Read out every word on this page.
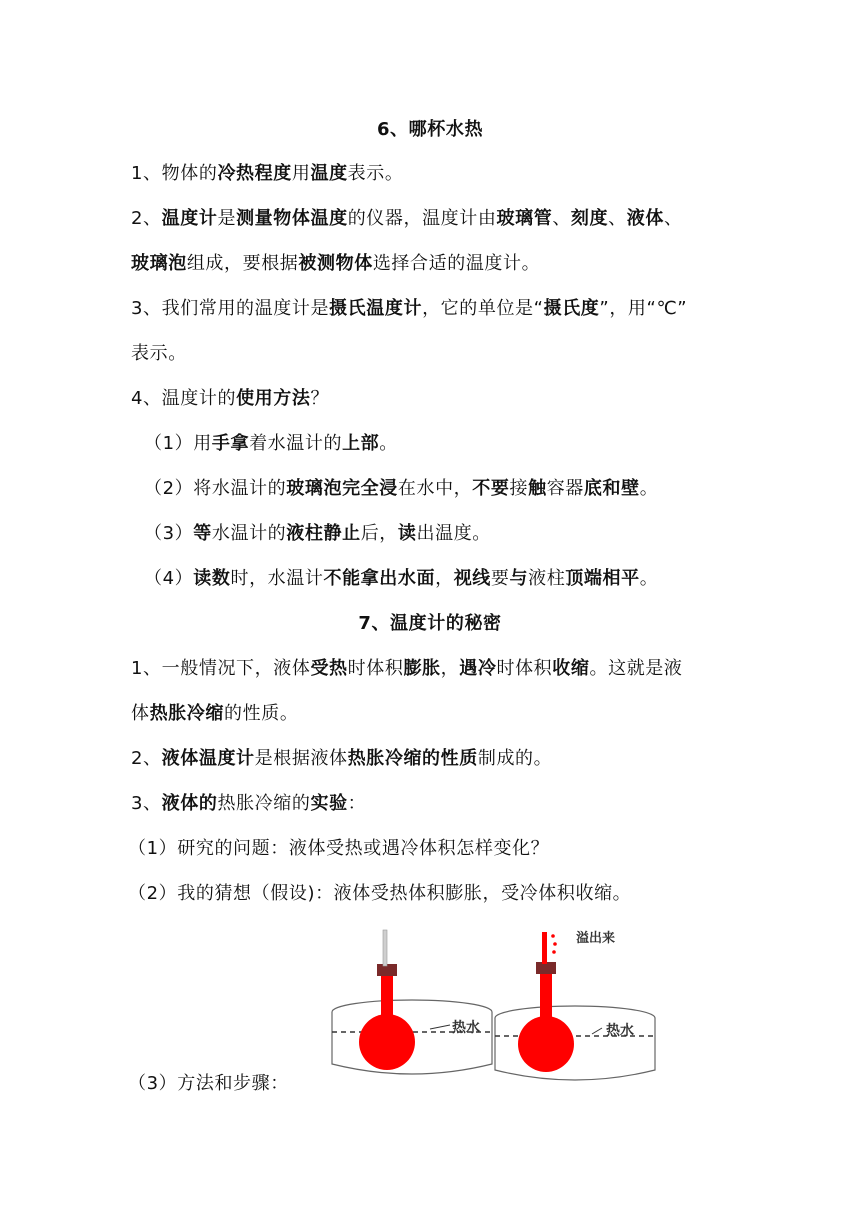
6、哪杯水热
1、物体的冷热程度用温度表示。
2、温度计是测量物体温度的仪器，温度计由玻璃管、刻度、液体、
玻璃泡组成，要根据被测物体选择合适的温度计。
3、我们常用的温度计是摄氏温度计，它的单位是“摄氏度”，用“℃”
表示。
4、温度计的使用方法？
（1）用手拿着水温计的上部。
（2）将水温计的玻璃泡完全浸在水中，不要接触容器底和壁。
（3）等水温计的液柱静止后，读出温度。
（4）读数时，水温计不能拿出水面，视线要与液柱顶端相平。
7、温度计的秘密
1、一般情况下，液体受热时体积膨胀，遇冷时体积收缩。这就是液
体热胀冷缩的性质。
2、液体温度计是根据液体热胀冷缩的性质制成的。
3、液体的热胀冷缩的实验：
（1）研究的问题：液体受热或遇冷体积怎样变化？
（2）我的猜想（假设)：液体受热体积膨胀，受冷体积收缩。
（3）方法和步骤：
热水
溢出来
热水
